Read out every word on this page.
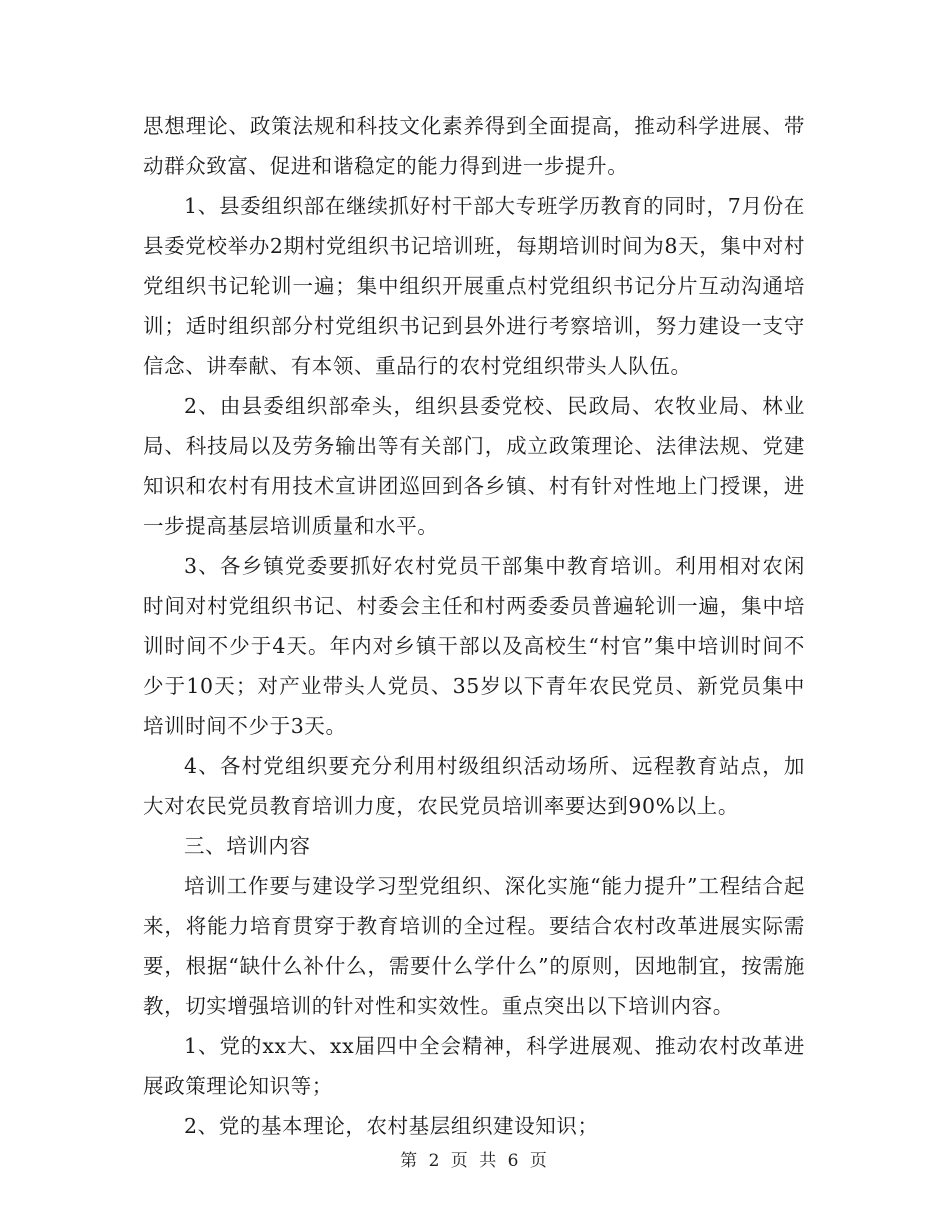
思想理论、政策法规和科技文化素养得到全面提高，推动科学进展、带动群众致富、促进和谐稳定的能力得到进一步提升。

1、县委组织部在继续抓好村干部大专班学历教育的同时，7月份在县委党校举办2期村党组织书记培训班，每期培训时间为8天，集中对村党组织书记轮训一遍；集中组织开展重点村党组织书记分片互动沟通培训；适时组织部分村党组织书记到县外进行考察培训，努力建设一支守信念、讲奉献、有本领、重品行的农村党组织带头人队伍。

2、由县委组织部牵头，组织县委党校、民政局、农牧业局、林业局、科技局以及劳务输出等有关部门，成立政策理论、法律法规、党建知识和农村有用技术宣讲团巡回到各乡镇、村有针对性地上门授课，进一步提高基层培训质量和水平。

3、各乡镇党委要抓好农村党员干部集中教育培训。利用相对农闲时间对村党组织书记、村委会主任和村两委委员普遍轮训一遍，集中培训时间不少于4天。年内对乡镇干部以及高校生“村官”集中培训时间不少于10天；对产业带头人党员、35岁以下青年农民党员、新党员集中培训时间不少于3天。

4、各村党组织要充分利用村级组织活动场所、远程教育站点，加大对农民党员教育培训力度，农民党员培训率要达到90%以上。

三、培训内容

培训工作要与建设学习型党组织、深化实施“能力提升”工程结合起来，将能力培育贯穿于教育培训的全过程。要结合农村改革进展实际需要，根据“缺什么补什么，需要什么学什么”的原则，因地制宜，按需施教，切实增强培训的针对性和实效性。重点突出以下培训内容。

1、党的xx大、xx届四中全会精神，科学进展观、推动农村改革进展政策理论知识等；

2、党的基本理论，农村基层组织建设知识；

第 2 页 共 6 页
